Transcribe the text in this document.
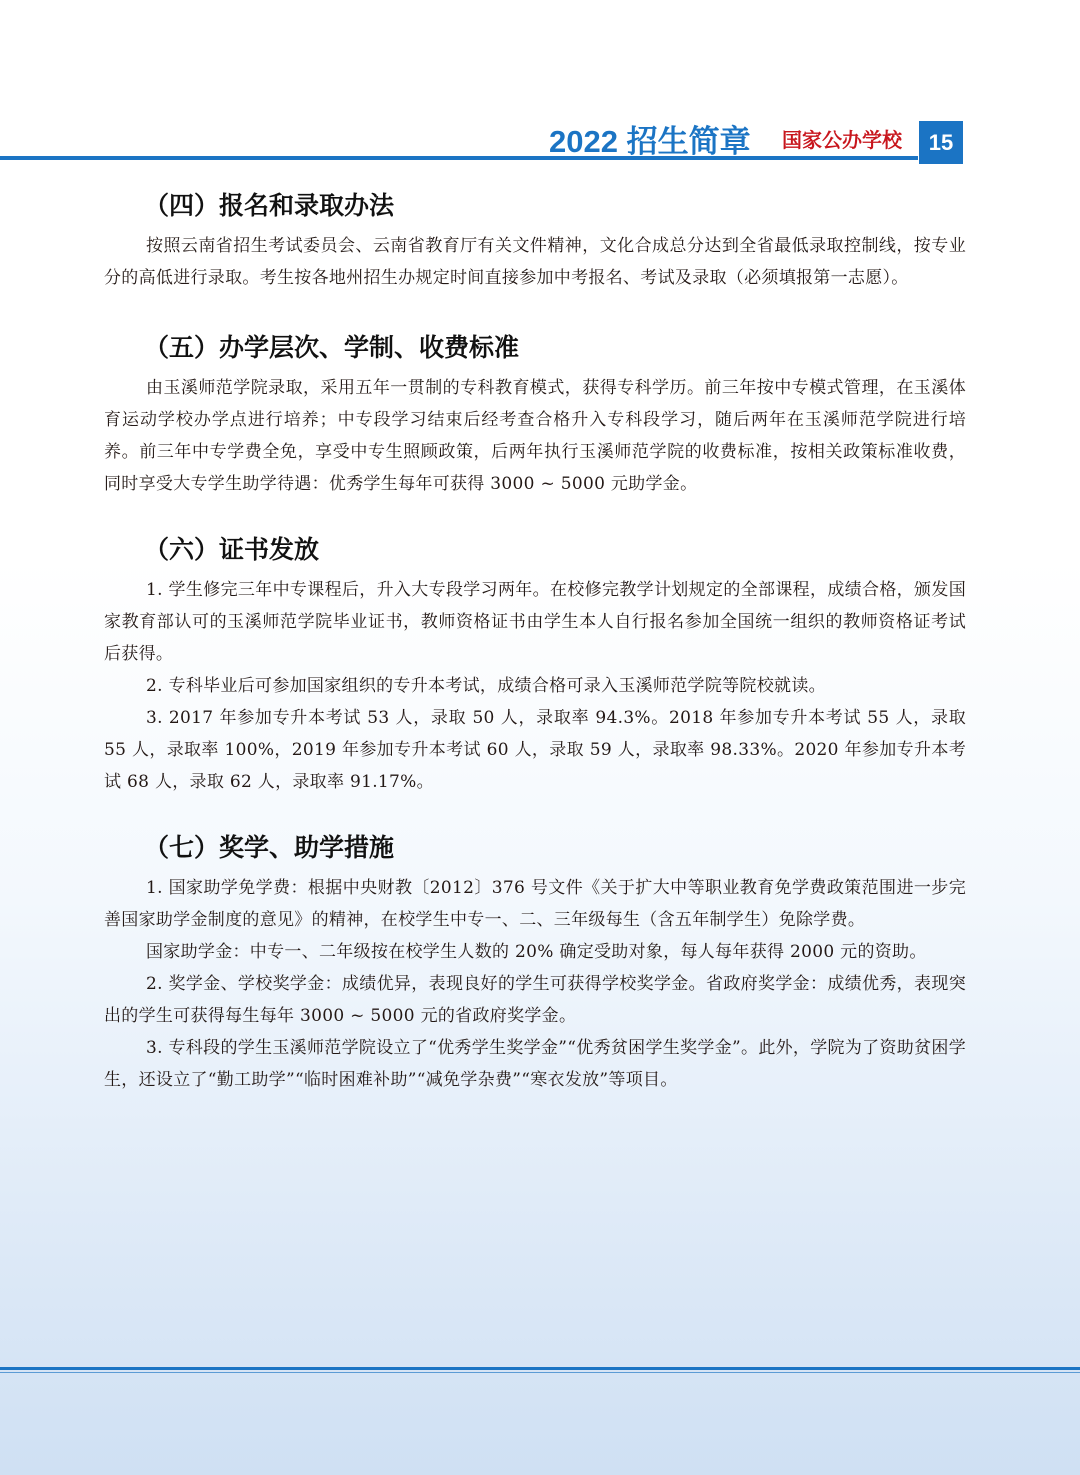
2022 招生简章 国家公办学校	15
（四）报名和录取办法

按照云南省招生考试委员会、云南省教育厅有关文件精神，文化合成总分达到全省最低录取控制线，按专业分的高低进行录取。考生按各地州招生办规定时间直接参加中考报名、考试及录取（必须填报第一志愿）。

（五）办学层次、学制、收费标准

由玉溪师范学院录取，采用五年一贯制的专科教育模式，获得专科学历。前三年按中专模式管理，在玉溪体育运动学校办学点进行培养；中专段学习结束后经考查合格升入专科段学习，随后两年在玉溪师范学院进行培养。前三年中专学费全免，享受中专生照顾政策，后两年执行玉溪师范学院的收费标准，按相关政策标准收费，同时享受大专学生助学待遇：优秀学生每年可获得 3000 ~ 5000 元助学金。

（六）证书发放

1. 学生修完三年中专课程后，升入大专段学习两年。在校修完教学计划规定的全部课程，成绩合格，颁发国家教育部认可的玉溪师范学院毕业证书，教师资格证书由学生本人自行报名参加全国统一组织的教师资格证考试后获得。

2. 专科毕业后可参加国家组织的专升本考试，成绩合格可录入玉溪师范学院等院校就读。

3. 2017 年参加专升本考试 53 人，录取 50 人，录取率 94.3%。2018 年参加专升本考试 55 人，录取 55 人，录取率 100%，2019 年参加专升本考试 60 人，录取 59 人，录取率 98.33%。2020 年参加专升本考试 68 人，录取 62 人，录取率 91.17%。

（七）奖学、助学措施

1. 国家助学免学费：根据中央财教〔2012〕376 号文件《关于扩大中等职业教育免学费政策范围进一步完善国家助学金制度的意见》的精神，在校学生中专一、二、三年级每生（含五年制学生）免除学费。

国家助学金：中专一、二年级按在校学生人数的 20% 确定受助对象，每人每年获得 2000 元的资助。

2. 奖学金、学校奖学金：成绩优异，表现良好的学生可获得学校奖学金。省政府奖学金：成绩优秀，表现突出的学生可获得每生每年 3000 ~ 5000 元的省政府奖学金。

3. 专科段的学生玉溪师范学院设立了“优秀学生奖学金”“优秀贫困学生奖学金”。此外，学院为了资助贫困学生，还设立了“勤工助学”“临时困难补助”“减免学杂费”“寒衣发放”等项目。
